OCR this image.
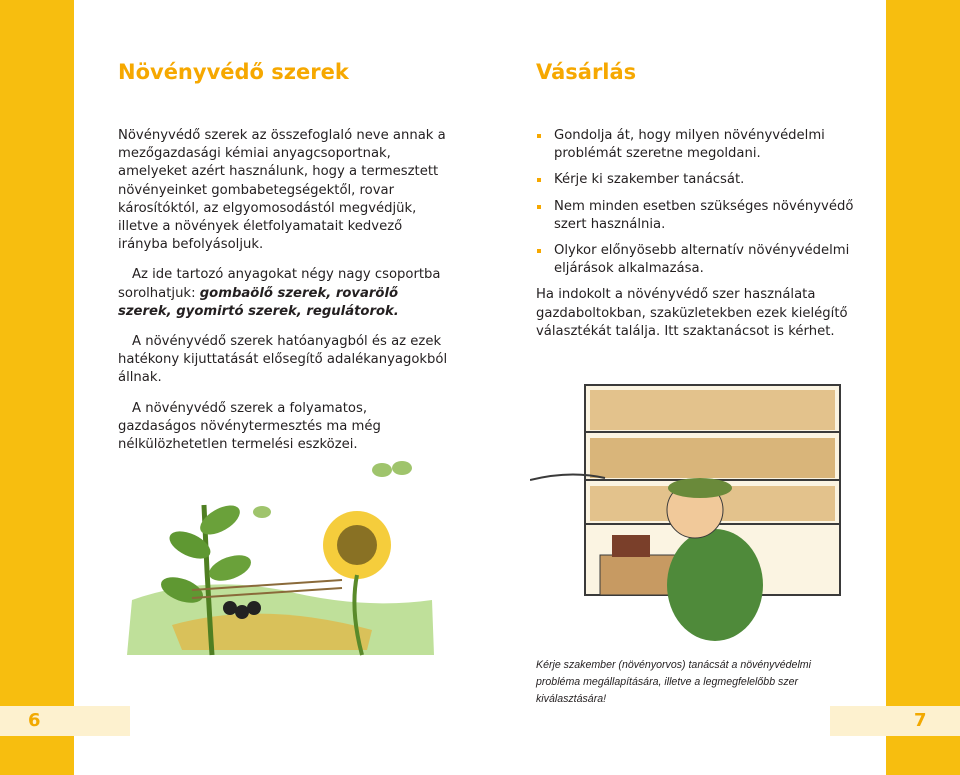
Növényvédő szerek	Vásárlás

Növényvédő szerek az összefoglaló neve annak a mezőgazdasági kémiai anyagcsoportnak, amelyeket azért használunk, hogy a termesztett növényeinket gombabetegségektől, rovar károsítóktól, az elgyomosodástól megvédjük, illetve a növények életfolyamatait kedvező irányba befolyásoljuk.

Az ide tartozó anyagokat négy nagy csoportba sorolhatjuk: gombaölő szerek, rovarölő szerek, gyomirtó szerek, regulátorok.

A növényvédő szerek hatóanyagból és az ezek hatékony kijuttatását elősegítő adalékanyagokból állnak.

A növényvédő szerek a folyamatos, gazdaságos növénytermesztés ma még nélkülözhetetlen termelési eszközei.

Gondolja át, hogy milyen növényvédelmi problémát szeretne megoldani.
Kérje ki szakember tanácsát.
Nem minden esetben szükséges növényvédő szert használnia.
Olykor előnyösebb alternatív növényvédelmi eljárások alkalmazása.

Ha indokolt a növényvédő szer használata gazdaboltokban, szaküzletekben ezek kielégítő választékát találja. Itt szaktanácsot is kérhet.

Kérje szakember (növényorvos) tanácsát a növényvédelmi probléma megállapítására, illetve a legmegfelelőbb szer kiválasztására!
6	7
